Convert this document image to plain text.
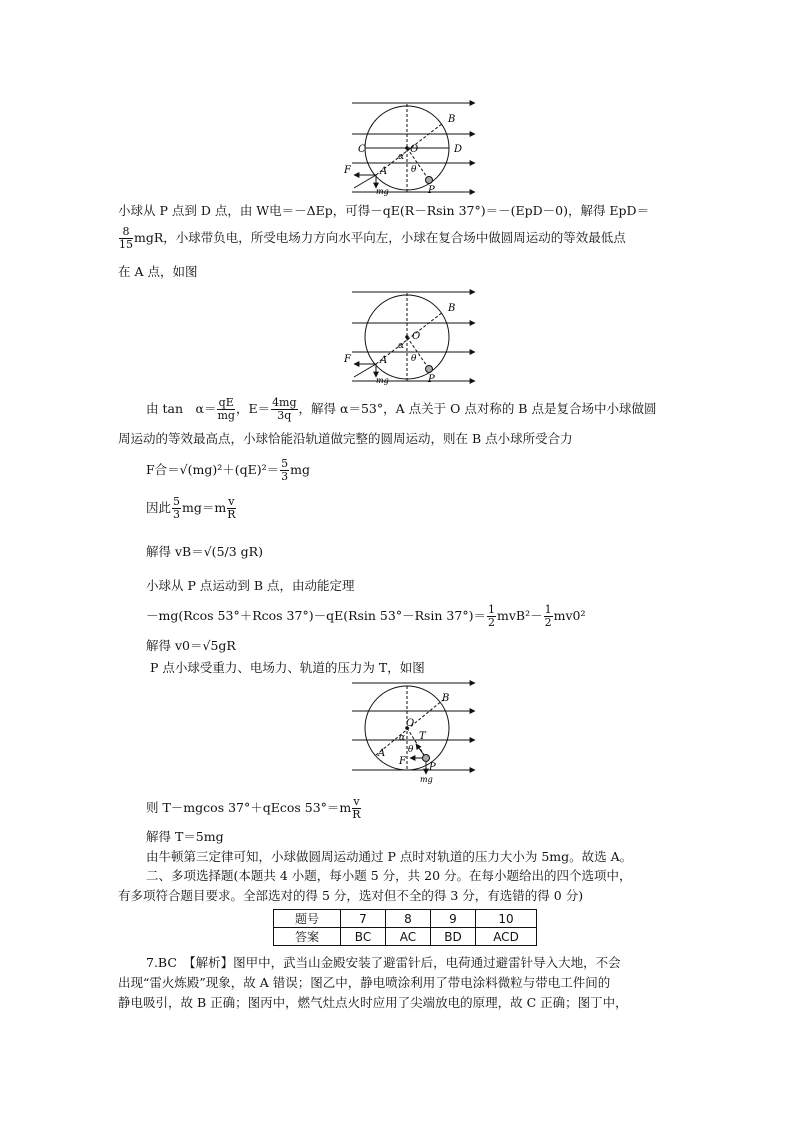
B
C	O	D
F	A
P
α
θ
mg
小球从 P 点到 D 点，由 W电＝－ΔEp，可得－qE(R－Rsin 37°)＝－(EpD－0)，解得 EpD＝
$\frac{8}{15}$ mgR，小球带负电，所受电场力方向水平向左，小球在复合场中做圆周运动的等效最低点
在 A 点，如图
B
O
F	A
P
α
θ
mg
由 tan　$\alpha= \frac{qE}{mg}$ ，$E= \frac{4mg}{3q}$ ，解得 α＝53°，A 点关于 O 点对称的 B 点是复合场中小球做圆
周运动的等效最高点，小球恰能沿轨道做完整的圆周运动，则在 B 点小球所受合力
F合$=√(mg)^2+(qE)^2= \frac{5}{3}$ mg
因此 $\frac{5}{3} mg=m \frac{v}{R}$
解得 vB＝√(5/3 gR)
小球从 P 点运动到 B 点，由动能定理
－mg(Rcos 53°＋Rcos 37°)－qE(Rsin 53°－Rsin $37^\circ)= \frac{1}{2} mvB^2- \frac{1}{2} mv0^2$
解得 v0＝√5gR
P 点小球受重力、电场力、轨道的压力为 T，如图
B
O
A
α T
θ
F
P
mg
则 T－mgcos 37°＋qEcos $53^\circ=m \frac{v}{R}$
解得 T＝5mg
由牛顿第三定律可知，小球做圆周运动通过 P 点时对轨道的压力大小为 5mg。故选 A。
二、多项选择题(本题共 4 小题，每小题 5 分，共 20 分。在每小题给出的四个选项中，
有多项符合题目要求。全部选对的得 5 分，选对但不全的得 3 分，有选错的得 0 分)
题号	7	8	9	10
答案	BC	AC	BD	ACD
7.BC　【解析】图甲中，武当山金殿安装了避雷针后，电荷通过避雷针导入大地，不会
出现“雷火炼殿”现象，故 A 错误；图乙中，静电喷涂利用了带电涂料微粒与带电工件间的
静电吸引，故 B 正确；图丙中，燃气灶点火时应用了尖端放电的原理，故 C 正确；图丁中，
